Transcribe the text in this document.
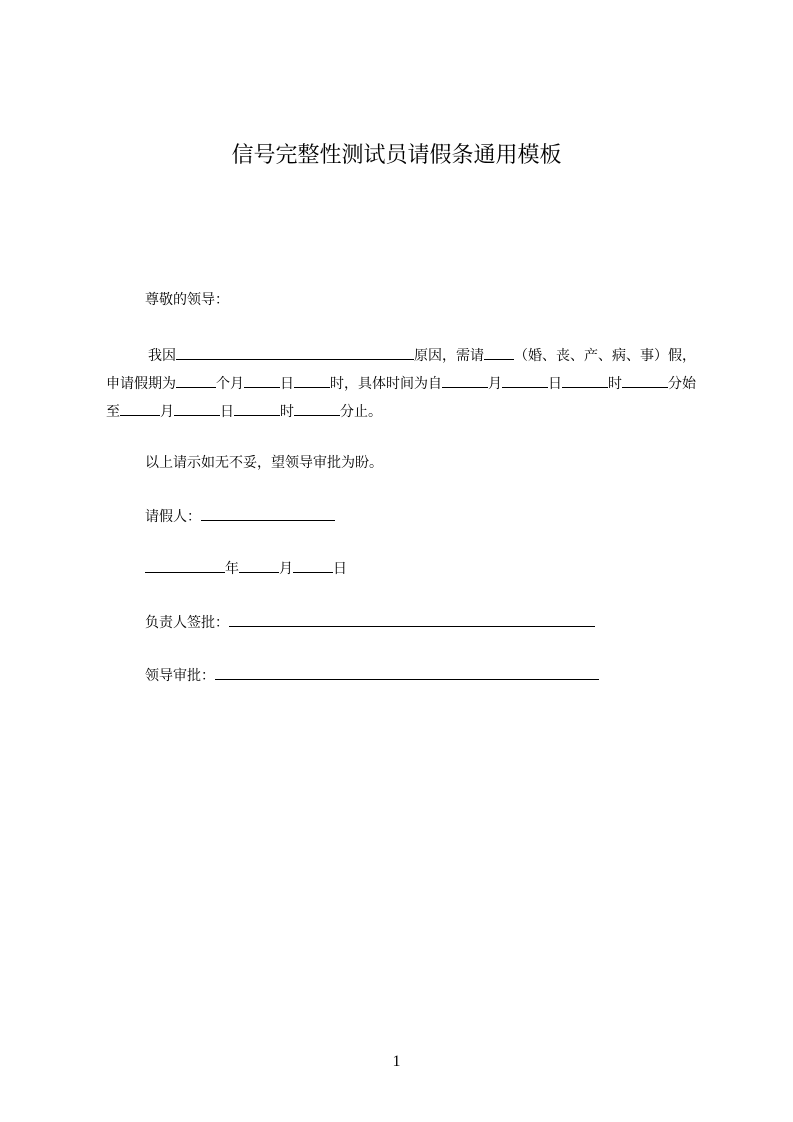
信号完整性测试员请假条通用模板
尊敬的领导：
我因	原因，需请 （婚、丧、产、病、事）假，申请假期为	个月	日	时，具体时间为自	月	日	时	分始至	月	日	时	分止。
以上请示如无不妥，望领导审批为盼。
请假人：
年	月	日
负责人签批：
领导审批：
1
